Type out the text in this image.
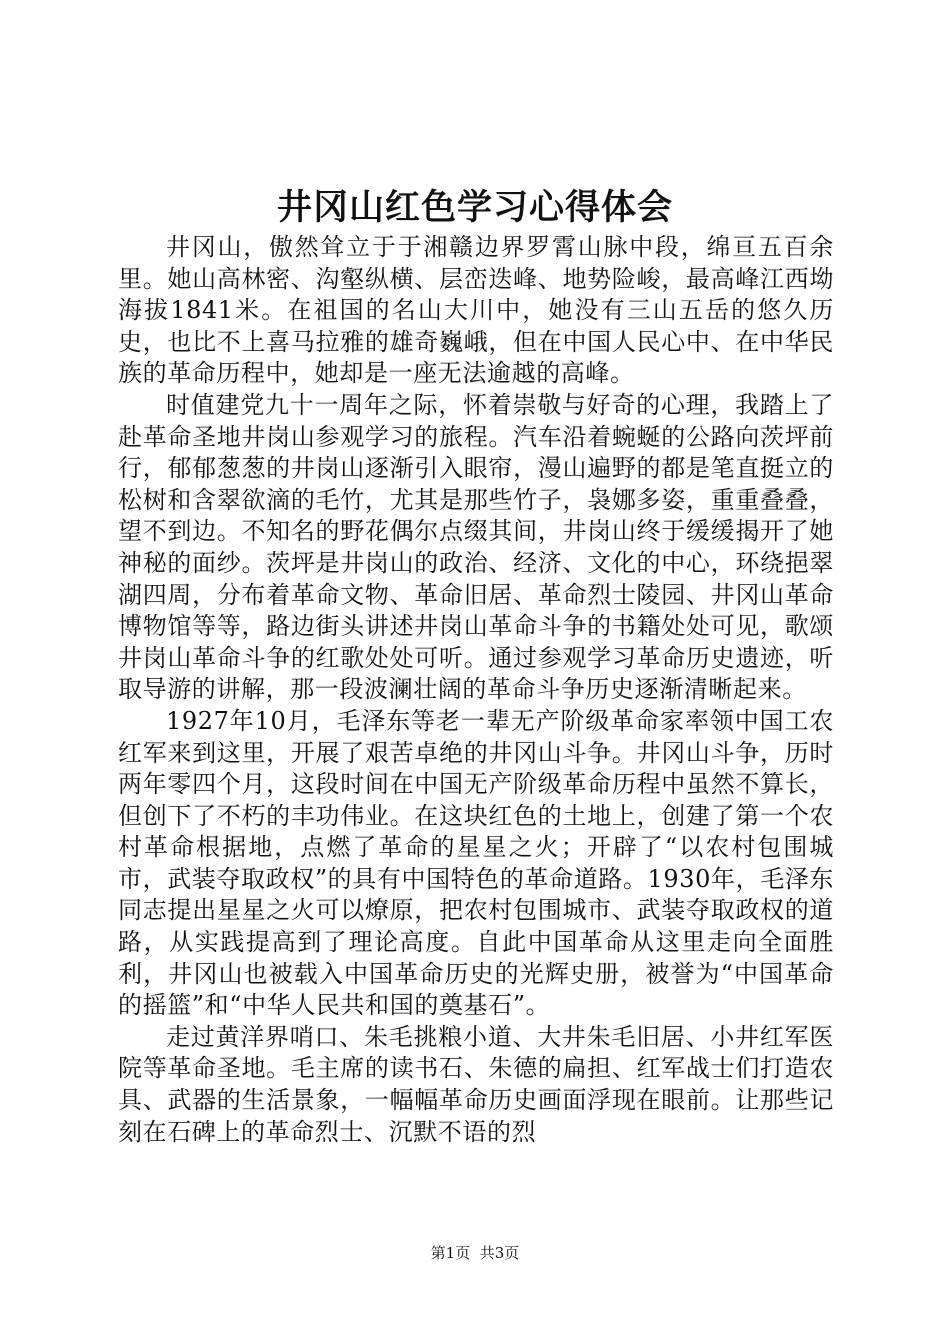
井冈山红色学习心得体会

井冈山，傲然耸立于于湘赣边界罗霄山脉中段，绵亘五百余里。她山高林密、沟壑纵横、层峦迭峰、地势险峻，最高峰江西坳海拔1841米。在祖国的名山大川中，她没有三山五岳的悠久历史，也比不上喜马拉雅的雄奇巍峨，但在中国人民心中、在中华民族的革命历程中，她却是一座无法逾越的高峰。

时值建党九十一周年之际，怀着崇敬与好奇的心理，我踏上了赴革命圣地井岗山参观学习的旅程。汽车沿着蜿蜒的公路向茨坪前行，郁郁葱葱的井岗山逐渐引入眼帘，漫山遍野的都是笔直挺立的松树和含翠欲滴的毛竹，尤其是那些竹子，袅娜多姿，重重叠叠，望不到边。不知名的野花偶尔点缀其间，井岗山终于缓缓揭开了她神秘的面纱。茨坪是井岗山的政治、经济、文化的中心，环绕挹翠湖四周，分布着革命文物、革命旧居、革命烈士陵园、井冈山革命博物馆等等，路边街头讲述井岗山革命斗争的书籍处处可见，歌颂井岗山革命斗争的红歌处处可听。通过参观学习革命历史遗迹，听取导游的讲解，那一段波澜壮阔的革命斗争历史逐渐清晰起来。

1927年10月，毛泽东等老一辈无产阶级革命家率领中国工农红军来到这里，开展了艰苦卓绝的井冈山斗争。井冈山斗争，历时两年零四个月，这段时间在中国无产阶级革命历程中虽然不算长，但创下了不朽的丰功伟业。在这块红色的土地上，创建了第一个农村革命根据地，点燃了革命的星星之火；开辟了“以农村包围城市，武装夺取政权”的具有中国特色的革命道路。1930年，毛泽东同志提出星星之火可以燎原，把农村包围城市、武装夺取政权的道路，从实践提高到了理论高度。自此中国革命从这里走向全面胜利，井冈山也被载入中国革命历史的光辉史册，被誉为“中国革命的摇篮”和“中华人民共和国的奠基石”。

走过黄洋界哨口、朱毛挑粮小道、大井朱毛旧居、小井红军医院等革命圣地。毛主席的读书石、朱德的扁担、红军战士们打造农具、武器的生活景象，一幅幅革命历史画面浮现在眼前。让那些记刻在石碑上的革命烈士、沉默不语的烈

第1页 共3页
